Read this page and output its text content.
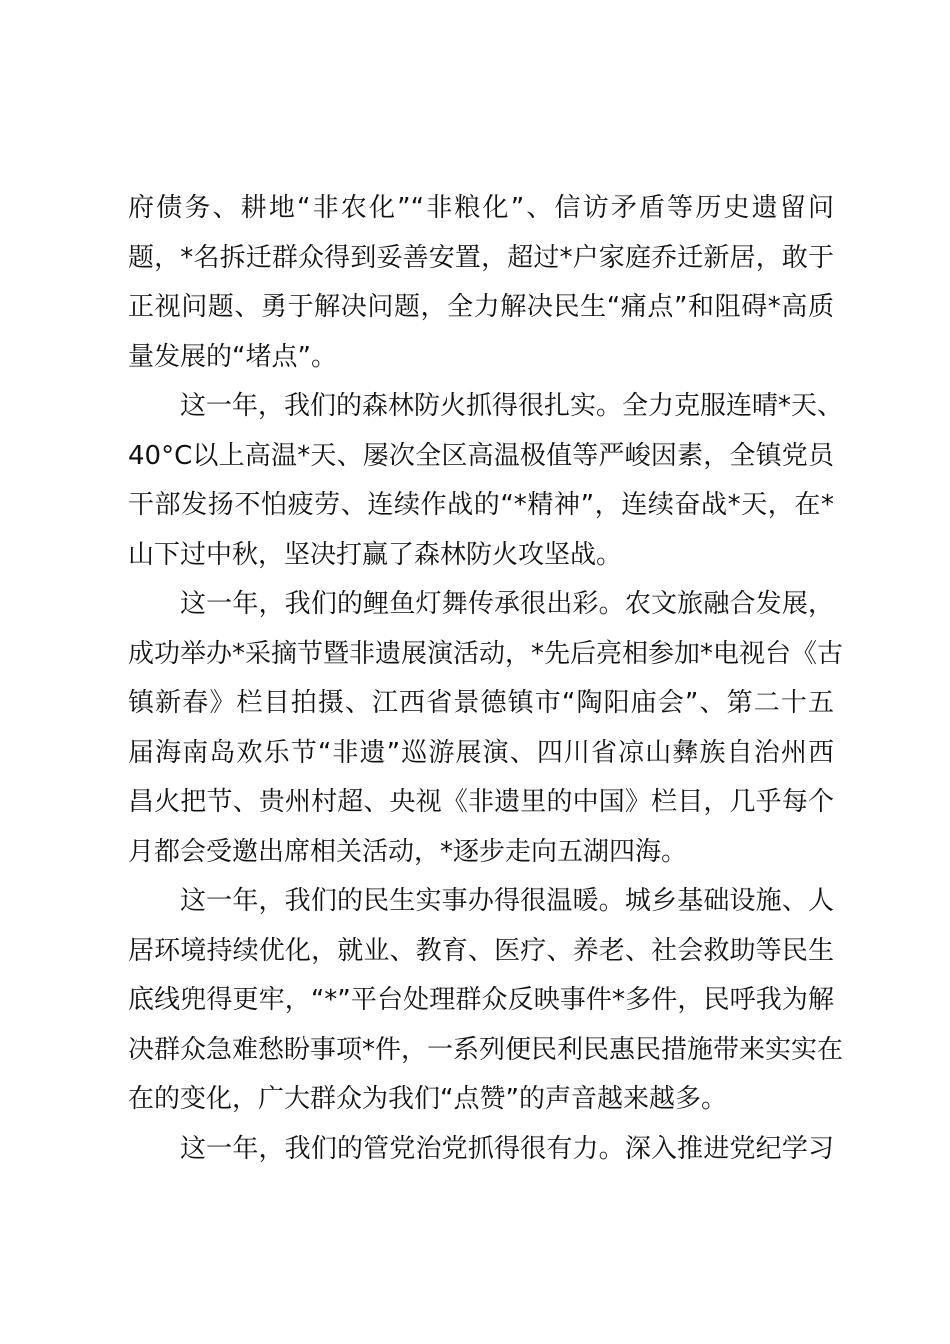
府债务、耕地“非农化”“非粮化”、信访矛盾等历史遗留问
题，*名拆迁群众得到妥善安置，超过*户家庭乔迁新居，敢于
正视问题、勇于解决问题，全力解决民生“痛点”和阻碍*高质
量发展的“堵点”。
这一年，我们的森林防火抓得很扎实。全力克服连晴*天、
40°C以上高温*天、屡次全区高温极值等严峻因素，全镇党员
干部发扬不怕疲劳、连续作战的“*精神”，连续奋战*天，在*
山下过中秋，坚决打赢了森林防火攻坚战。
这一年，我们的鲤鱼灯舞传承很出彩。农文旅融合发展，
成功举办*采摘节暨非遗展演活动，*先后亮相参加*电视台《古
镇新春》栏目拍摄、江西省景德镇市“陶阳庙会”、第二十五
届海南岛欢乐节“非遗”巡游展演、四川省凉山彝族自治州西
昌火把节、贵州村超、央视《非遗里的中国》栏目，几乎每个
月都会受邀出席相关活动，*逐步走向五湖四海。
这一年，我们的民生实事办得很温暖。城乡基础设施、人
居环境持续优化，就业、教育、医疗、养老、社会救助等民生
底线兜得更牢，“*”平台处理群众反映事件*多件，民呼我为解
决群众急难愁盼事项*件，一系列便民利民惠民措施带来实实在
在的变化，广大群众为我们“点赞”的声音越来越多。
这一年，我们的管党治党抓得很有力。深入推进党纪学习
